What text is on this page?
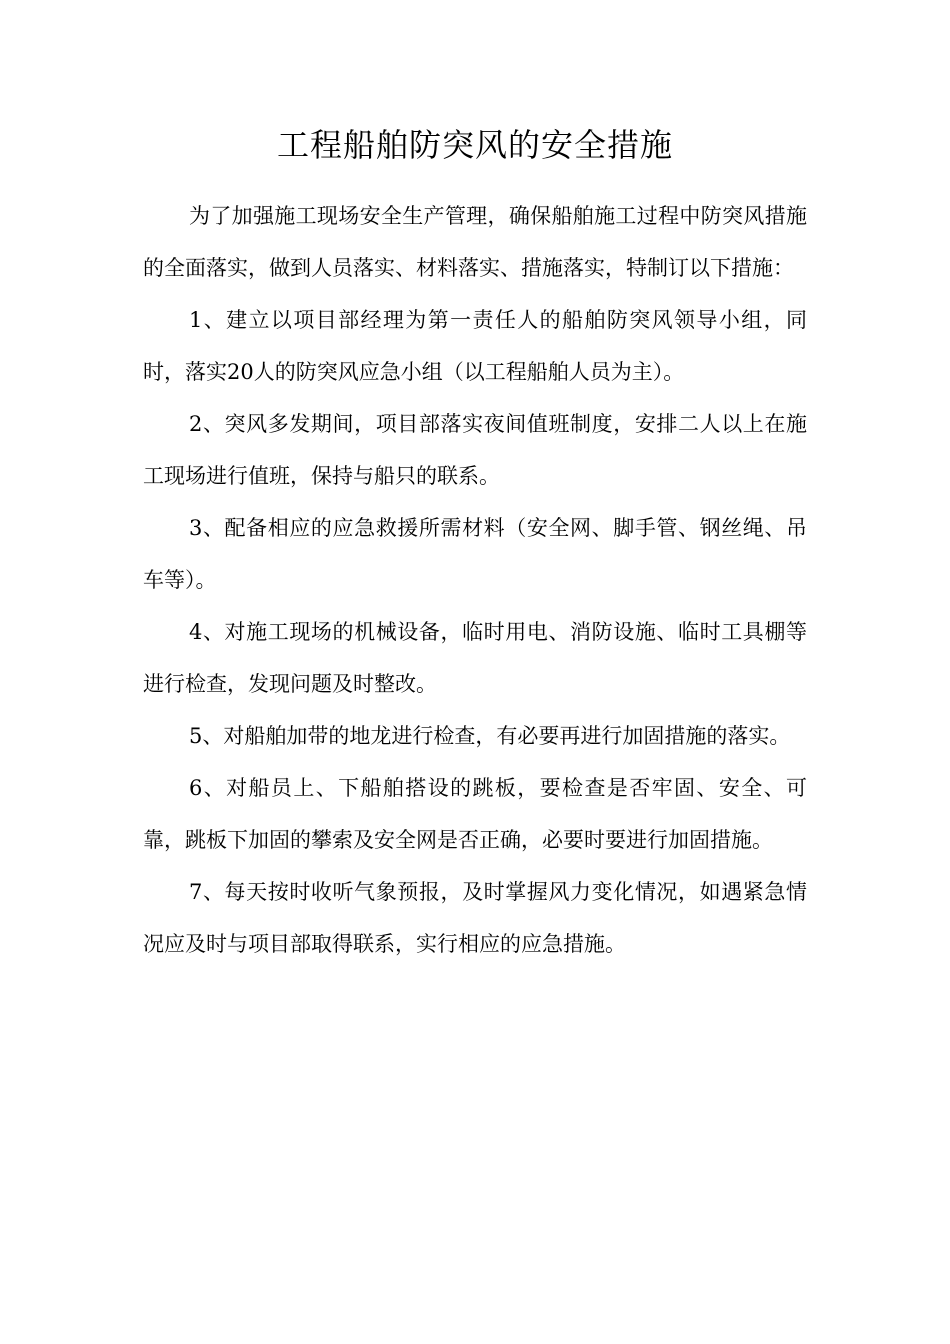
工程船舶防突风的安全措施

为了加强施工现场安全生产管理，确保船舶施工过程中防突风措施的全面落实，做到人员落实、材料落实、措施落实，特制订以下措施：

1、建立以项目部经理为第一责任人的船舶防突风领导小组，同时，落实20人的防突风应急小组（以工程船舶人员为主）。

2、突风多发期间，项目部落实夜间值班制度，安排二人以上在施工现场进行值班，保持与船只的联系。

3、配备相应的应急救援所需材料（安全网、脚手管、钢丝绳、吊车等）。

4、对施工现场的机械设备，临时用电、消防设施、临时工具棚等进行检查，发现问题及时整改。

5、对船舶加带的地龙进行检查，有必要再进行加固措施的落实。

6、对船员上、下船舶搭设的跳板，要检查是否牢固、安全、可靠，跳板下加固的攀索及安全网是否正确，必要时要进行加固措施。

7、每天按时收听气象预报，及时掌握风力变化情况，如遇紧急情况应及时与项目部取得联系，实行相应的应急措施。
